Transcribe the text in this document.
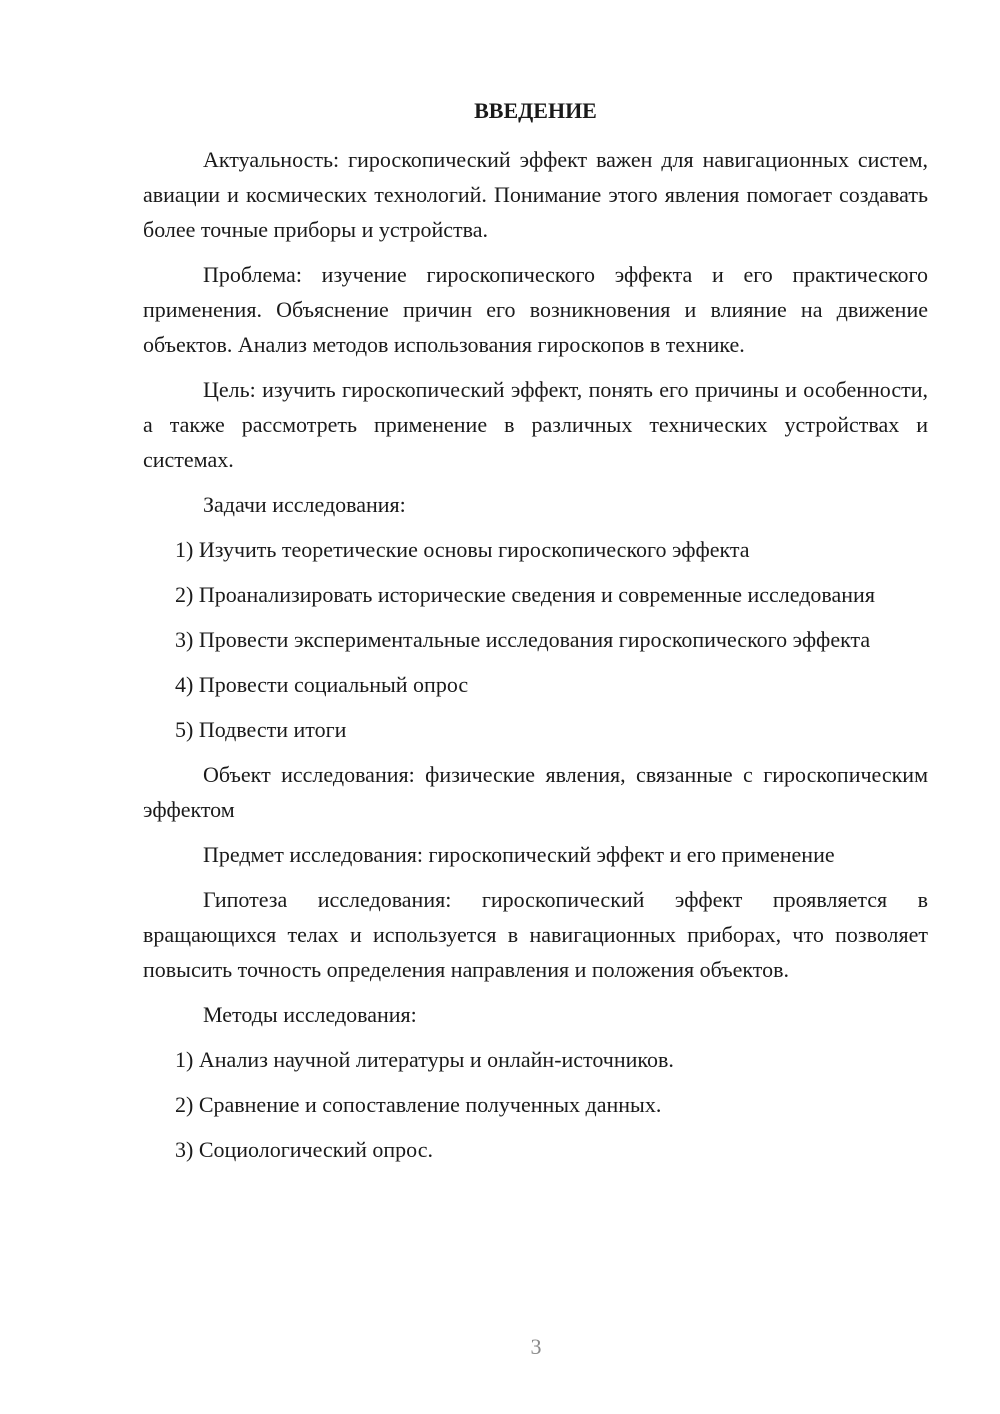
ВВЕДЕНИЕ

Актуальность: гироскопический эффект важен для навигационных систем, авиации и космических технологий. Понимание этого явления помогает создавать более точные приборы и устройства.

Проблема: изучение гироскопического эффекта и его практического применения. Объяснение причин его возникновения и влияние на движение объектов. Анализ методов использования гироскопов в технике.

Цель: изучить гироскопический эффект, понять его причины и особенности, а также рассмотреть применение в различных технических устройствах и системах.

Задачи исследования:

1) Изучить теоретические основы гироскопического эффекта

2) Проанализировать исторические сведения и современные исследования

3) Провести экспериментальные исследования гироскопического эффекта

4) Провести социальный опрос

5) Подвести итоги

Объект исследования: физические явления, связанные с гироскопическим эффектом

Предмет исследования: гироскопический эффект и его применение

Гипотеза исследования: гироскопический эффект проявляется в вращающихся телах и используется в навигационных приборах, что позволяет повысить точность определения направления и положения объектов.

Методы исследования:

1) Анализ научной литературы и онлайн-источников.

2) Сравнение и сопоставление полученных данных.

3) Социологический опрос.

3
